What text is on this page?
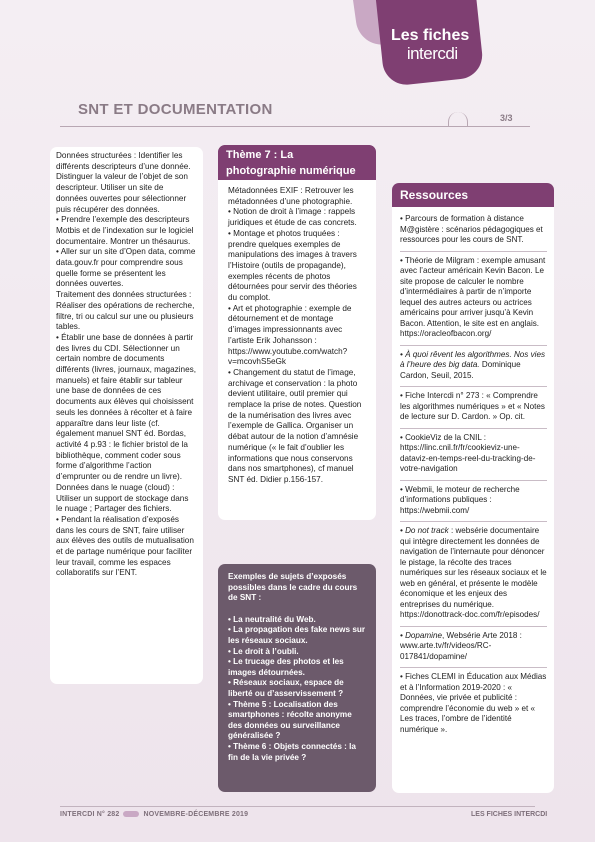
Les fiches
intercdi
SNT ET DOCUMENTATION	3/3

Données structurées : Identifier les différents descripteurs d’une donnée. Distinguer la valeur de l’objet de son descripteur. Utiliser un site de données ouvertes pour sélectionner puis récupérer des données.

• Prendre l’exemple des descripteurs Motbis et de l’indexation sur le logiciel documentaire. Montrer un thésaurus.

• Aller sur un site d’Open data, comme data.gouv.fr pour comprendre sous quelle forme se présentent les données ouvertes.

Traitement des données structurées : Réaliser des opérations de recherche, filtre, tri ou calcul sur une ou plusieurs tables.

• Établir une base de données à partir des livres du CDI. Sélectionner un certain nombre de documents différents (livres, journaux, magazines, manuels) et faire établir sur tableur une base de données de ces documents aux élèves qui choisissent seuls les données à récolter et à faire apparaître dans leur liste (cf. également manuel SNT éd. Bordas, activité 4 p.93 : le fichier bristol de la bibliothèque, comment coder sous forme d’algorithme l’action d’emprunter ou de rendre un livre).

Données dans le nuage (cloud) : Utiliser un support de stockage dans le nuage ; Partager des fichiers.

• Pendant la réalisation d’exposés dans les cours de SNT, faire utiliser aux élèves des outils de mutualisation et de partage numérique pour faciliter leur travail, comme les espaces collaboratifs sur l’ENT.

Thème 7 : La

photographie numérique

Métadonnées EXIF : Retrouver les métadonnées d’une photographie.

• Notion de droit à l’image : rappels juridiques et étude de cas concrets.

• Montage et photos truquées : prendre quelques exemples de manipulations des images à travers l’Histoire (outils de propagande), exemples récents de photos détournées pour servir des théories du complot.

• Art et photographie : exemple de détournement et de montage d’images impressionnants avec l’artiste Erik Johansson : https://www.youtube.com/watch?v=mcovhS5eGk

• Changement du statut de l’image, archivage et conservation : la photo devient utilitaire, outil premier qui remplace la prise de notes. Question de la numérisation des livres avec l’exemple de Gallica. Organiser un débat autour de la notion d’amnésie numérique (« le fait d’oublier les informations que nous conservons dans nos smartphones), cf manuel SNT éd. Didier p.156-157.

Exemples de sujets d’exposés possibles dans le cadre du cours de SNT :

• La neutralité du Web.

• La propagation des fake news sur les réseaux sociaux.

• Le droit à l’oubli.

• Le trucage des photos et les images détournées.

• Réseaux sociaux, espace de liberté ou d’asservissement ?

• Thème 5 : Localisation des smartphones : récolte anonyme des données ou surveillance généralisée ?

• Thème 6 : Objets connectés : la fin de la vie privée ?

Ressources
• Parcours de formation à distance M@gistère : scénarios pédagogiques et ressources pour les cours de SNT.
• Théorie de Milgram : exemple amusant avec l’acteur américain Kevin Bacon. Le site propose de calculer le nombre d’intermédiaires à partir de n’importe lequel des autres acteurs ou actrices américains pour arriver jusqu’à Kevin Bacon. Attention, le site est en anglais. https://oracleofbacon.org/
• À quoi rêvent les algorithmes. Nos vies à l’heure des big data. Dominique Cardon, Seuil, 2015.
• Fiche Intercdi n° 273 : « Comprendre les algorithmes numériques » et « Notes de lecture sur D. Cardon. » Op. cit.
• CookieViz de la CNIL : https://linc.cnil.fr/fr/cookieviz-une-dataviz-en-temps-reel-du-tracking-de-votre-navigation
• Webmii, le moteur de recherche d’informations publiques : https://webmii.com/
• Do not track : websérie documentaire qui intègre directement les données de navigation de l’internaute pour dénoncer le pistage, la récolte des traces numériques sur les réseaux sociaux et le web en général, et présente le modèle économique et les enjeux des entreprises du numérique. https://donottrack-doc.com/fr/episodes/
• Dopamine, Websérie Arte 2018 : www.arte.tv/fr/videos/RC-017841/dopamine/
• Fiches CLEMI in Éducation aux Médias et à l’Information 2019-2020 : « Données, vie privée et publicité : comprendre l’économie du web » et « Les traces, l’ombre de l’identité numérique ».
INTERCDI N° 282	NOVEMBRE-DÉCEMBRE 2019	LES FICHES INTERCDI
